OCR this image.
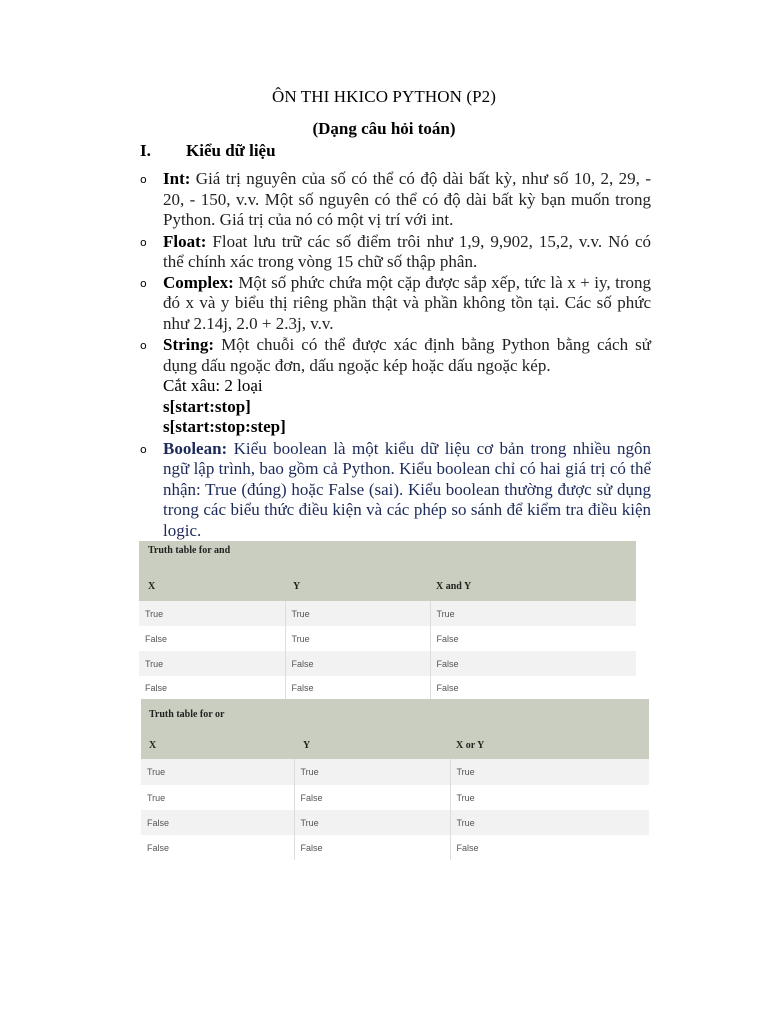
ÔN THI HKICO PYTHON (P2)
(Dạng câu hỏi toán)
I. Kiểu dữ liệu
o Int: Giá trị nguyên của số có thể có độ dài bất kỳ, như số 10, 2, 29, - 20, - 150, v.v. Một số nguyên có thể có độ dài bất kỳ bạn muốn trong Python. Giá trị của nó có một vị trí với int.
o Float: Float lưu trữ các số điểm trôi như 1,9, 9,902, 15,2, v.v. Nó có thể chính xác trong vòng 15 chữ số thập phân.
o Complex: Một số phức chứa một cặp được sắp xếp, tức là x + iy, trong đó x và y biểu thị riêng phần thật và phần không tồn tại. Các số phức như 2.14j, 2.0 + 2.3j, v.v.
o String: Một chuỗi có thể được xác định bằng Python bằng cách sử dụng dấu ngoặc đơn, dấu ngoặc kép hoặc dấu ngoặc kép.
Cắt xâu: 2 loại
s[start:stop]
s[start:stop:step]
o Boolean: Kiểu boolean là một kiểu dữ liệu cơ bản trong nhiều ngôn ngữ lập trình, bao gồm cả Python. Kiểu boolean chỉ có hai giá trị có thể nhận: True (đúng) hoặc False (sai). Kiểu boolean thường được sử dụng trong các biểu thức điều kiện và các phép so sánh để kiểm tra điều kiện logic.
Truth table for and		
X	Y	X and Y
True	True	True
False	True	False
True	False	False
False	False	False
Truth table for or		
X	Y	X or Y
True	True	True
True	False	True
False	True	True
False	False	False
